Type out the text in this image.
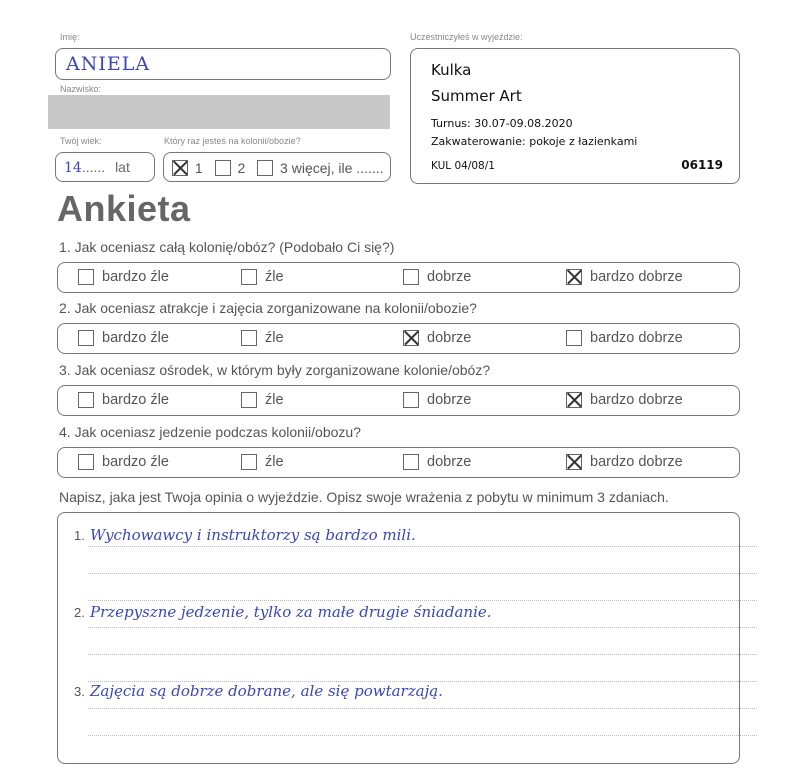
Imię:
ANIELA
Nazwisko:
Twój wiek:
14...... lat
Który raz jesteś na kolonii/obozie?
1 2 3 więcej, ile .......
Uczestniczyłeś w wyjeździe:
Kulka
Summer Art
Turnus: 30.07-09.08.2020
Zakwaterowanie: pokoje z łazienkami
KUL 04/08/1	06119
Ankieta
1. Jak oceniasz całą kolonię/obóz? (Podobało Ci się?)
bardzo źle	źle	dobrze	bardzo dobrze
2. Jak oceniasz atrakcje i zajęcia zorganizowane na kolonii/obozie?
bardzo źle	źle	dobrze	bardzo dobrze
3. Jak oceniasz ośrodek, w którym były zorganizowane kolonie/obóz?
bardzo źle	źle	dobrze	bardzo dobrze
4. Jak oceniasz jedzenie podczas kolonii/obozu?
bardzo źle	źle	dobrze	bardzo dobrze
Napisz, jaka jest Twoja opinia o wyjeździe. Opisz swoje wrażenia z pobytu w minimum 3 zdaniach.
1. Wychowawcy i instruktorzy są bardzo mili.
2. Przepyszne jedzenie, tylko za małe drugie śniadanie.
3. Zajęcia są dobrze dobrane, ale się powtarzają.
